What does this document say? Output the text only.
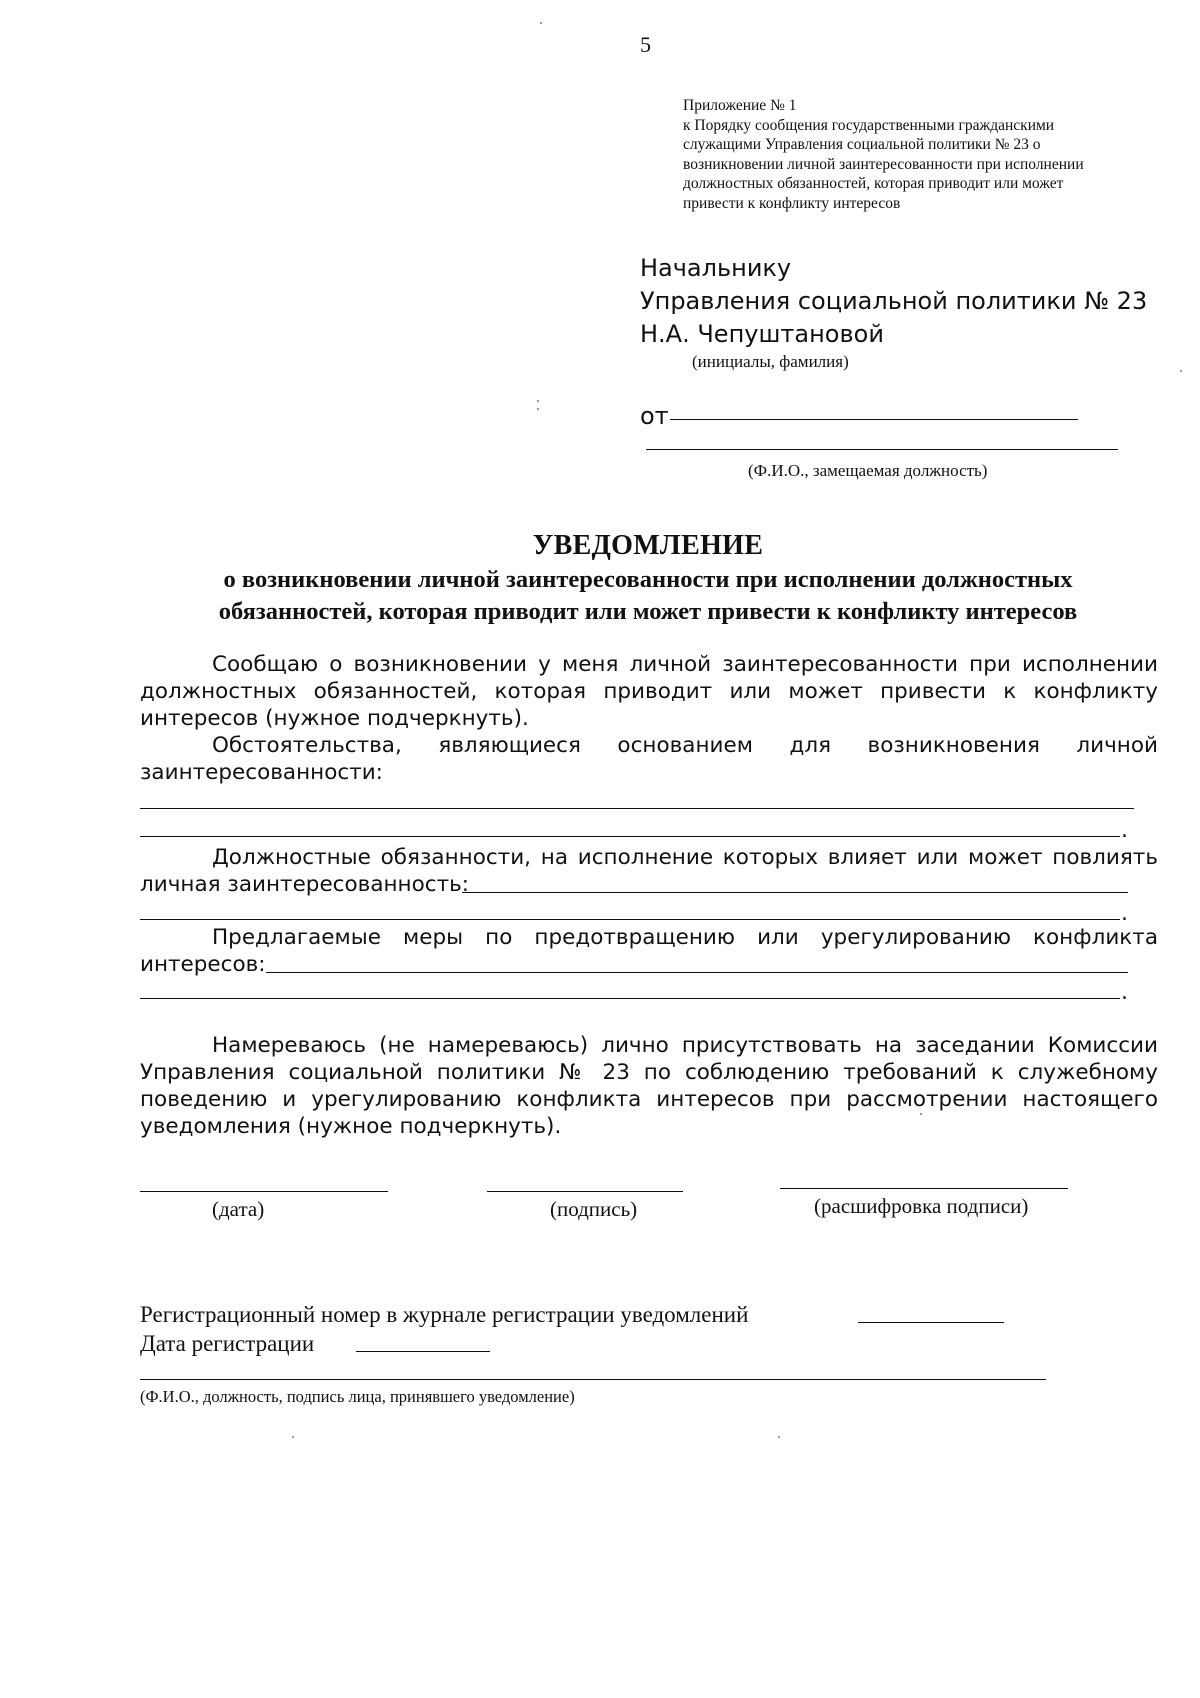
5
Приложение № 1
к Порядку сообщения государственными гражданскими
служащими Управления социальной политики № 23 о
возникновении личной заинтересованности при исполнении
должностных обязанностей, которая приводит или может
привести к конфликту интересов
Начальнику
Управления социальной политики № 23
Н.А. Чепуштановой
(инициалы, фамилия)
от
(Ф.И.О., замещаемая должность)
УВЕДОМЛЕНИЕ
о возникновении личной заинтересованности при исполнении должностных
обязанностей, которая приводит или может привести к конфликту интересов
Сообщаю о возникновении у меня личной заинтересованности при исполнении
должностных обязанностей, которая приводит или может привести к конфликту
интересов (нужное подчеркнуть).
Обстоятельства, являющиеся основанием для возникновения личной
заинтересованности:
.
Должностные обязанности, на исполнение которых влияет или может повлиять
личная заинтересованность:
.
Предлагаемые меры по предотвращению или урегулированию конфликта
интересов:
.
Намереваюсь (не намереваюсь) лично присутствовать на заседании Комиссии
Управления социальной политики № 23 по соблюдению требований к служебному
поведению и урегулированию конфликта интересов при рассмотрении настоящего
уведомления (нужное подчеркнуть).
(дата)	(подпись)	(расшифровка подписи)
Регистрационный номер в журнале регистрации уведомлений
Дата регистрации
(Ф.И.О., должность, подпись лица, принявшего уведомление)
